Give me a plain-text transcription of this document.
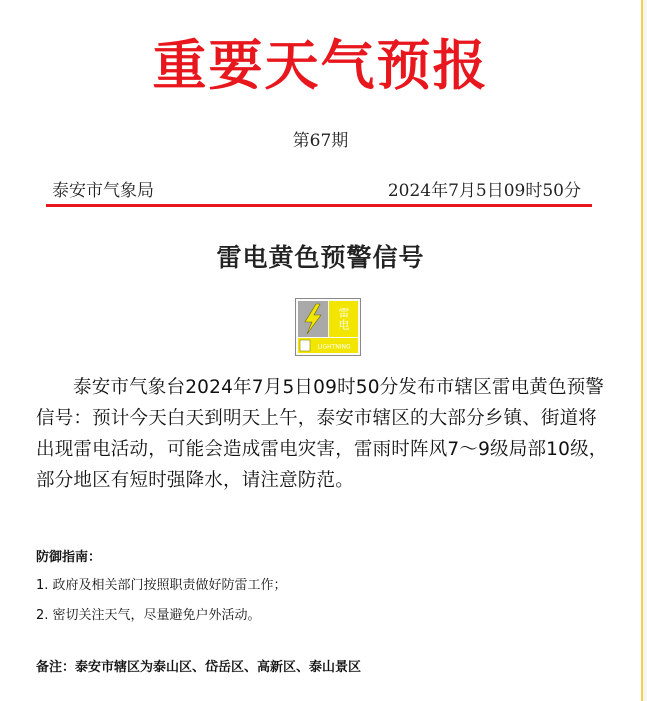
重要天气预报
第67期
泰安市气象局	2024年7月5日09时50分
雷电黄色预警信号
雷电
LIGHTNING
泰安市气象台2024年7月5日09时50分发布市辖区雷电黄色预警信号：预计今天白天到明天上午，泰安市辖区的大部分乡镇、街道将出现雷电活动，可能会造成雷电灾害，雷雨时阵风7〜9级局部10级，部分地区有短时强降水，请注意防范。
防御指南：
1. 政府及相关部门按照职责做好防雷工作；
2. 密切关注天气，尽量避免户外活动。
备注：泰安市辖区为泰山区、岱岳区、高新区、泰山景区
